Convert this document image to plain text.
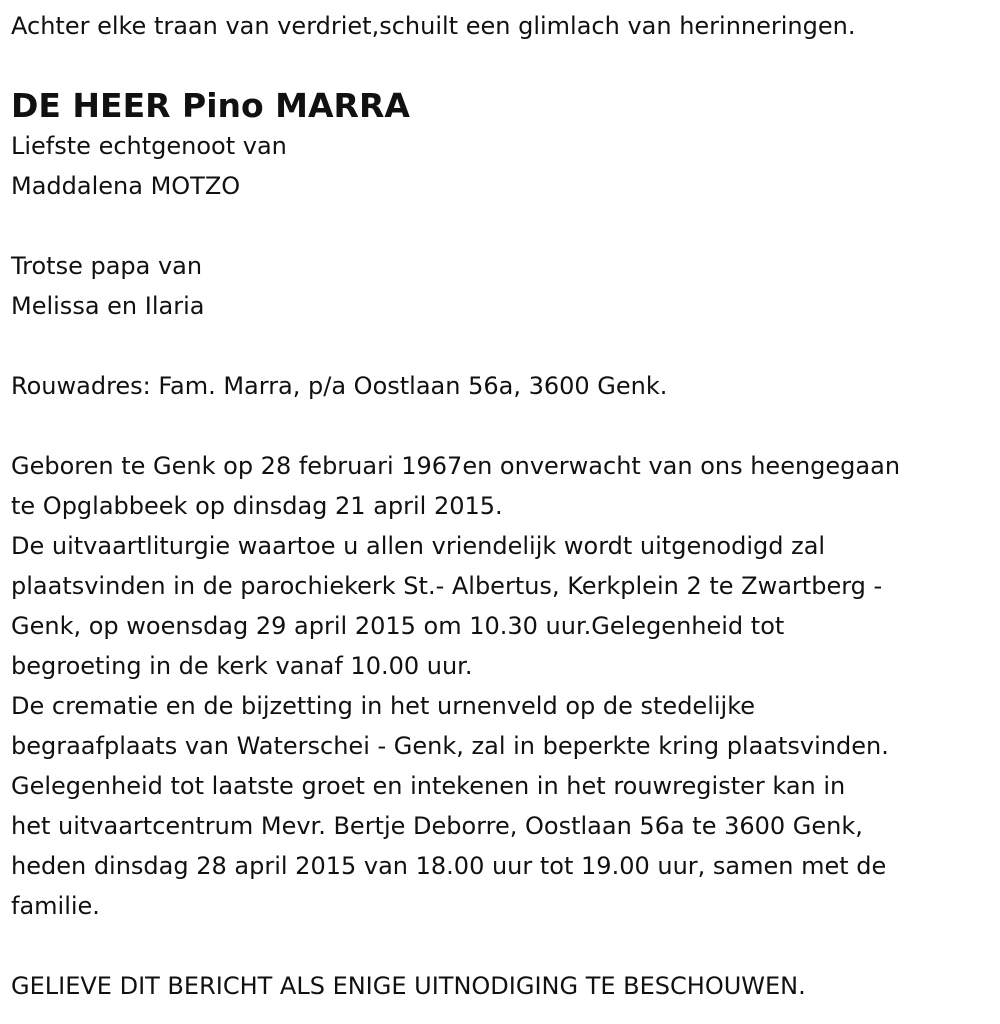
Achter elke traan van verdriet,schuilt een glimlach van herinneringen.
DE HEER Pino MARRA
Liefste echtgenoot van
Maddalena MOTZO
Trotse papa van
Melissa en Ilaria
Rouwadres: Fam. Marra, p/a Oostlaan 56a, 3600 Genk.
Geboren te Genk op 28 februari 1967en onverwacht van ons heengegaan
te Opglabbeek op dinsdag 21 april 2015.
De uitvaartliturgie waartoe u allen vriendelijk wordt uitgenodigd zal
plaatsvinden in de parochiekerk St.- Albertus, Kerkplein 2 te Zwartberg -
Genk, op woensdag 29 april 2015 om 10.30 uur.Gelegenheid tot
begroeting in de kerk vanaf 10.00 uur.
De crematie en de bijzetting in het urnenveld op de stedelijke
begraafplaats van Waterschei - Genk, zal in beperkte kring plaatsvinden.
Gelegenheid tot laatste groet en intekenen in het rouwregister kan in
het uitvaartcentrum Mevr. Bertje Deborre, Oostlaan 56a te 3600 Genk,
heden dinsdag 28 april 2015 van 18.00 uur tot 19.00 uur, samen met de
familie.
GELIEVE DIT BERICHT ALS ENIGE UITNODIGING TE BESCHOUWEN.
